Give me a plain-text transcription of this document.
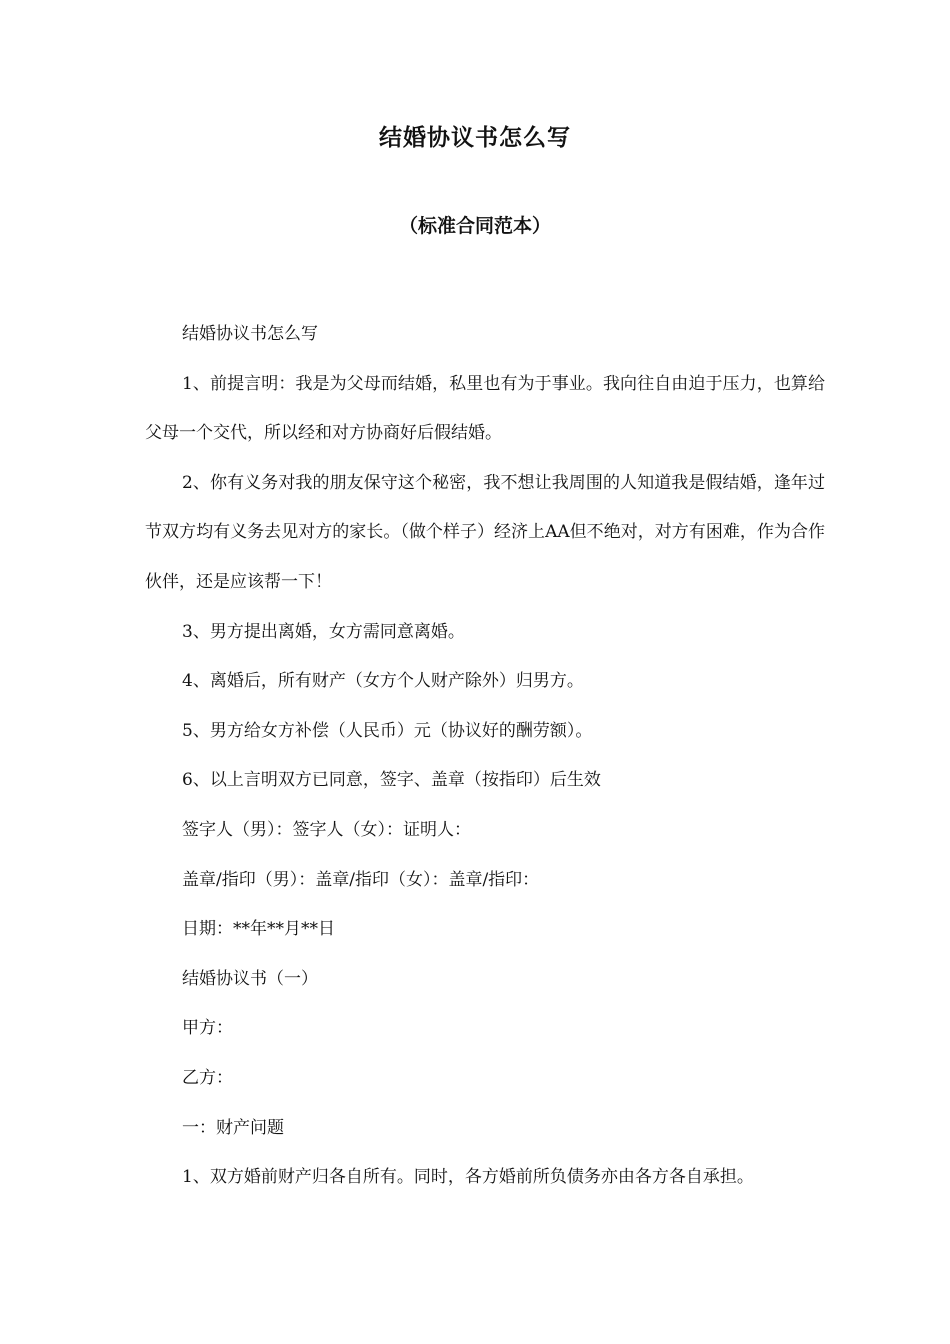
结婚协议书怎么写
（标准合同范本）

结婚协议书怎么写

1、前提言明：我是为父母而结婚，私里也有为于事业。我向往自由迫于压力，也算给父母一个交代，所以经和对方协商好后假结婚。

2、你有义务对我的朋友保守这个秘密，我不想让我周围的人知道我是假结婚，逢年过节双方均有义务去见对方的家长。（做个样子）经济上AA但不绝对，对方有困难，作为合作伙伴，还是应该帮一下！

3、男方提出离婚，女方需同意离婚。

4、离婚后，所有财产（女方个人财产除外）归男方。

5、男方给女方补偿（人民币）元（协议好的酬劳额）。

6、以上言明双方已同意，签字、盖章（按指印）后生效

签字人（男）：签字人（女）：证明人：

盖章/指印（男）：盖章/指印（女）：盖章/指印：

日期：**年**月**日

结婚协议书（一）

甲方：

乙方：

一：财产问题

1、双方婚前财产归各自所有。同时，各方婚前所负债务亦由各方各自承担。
